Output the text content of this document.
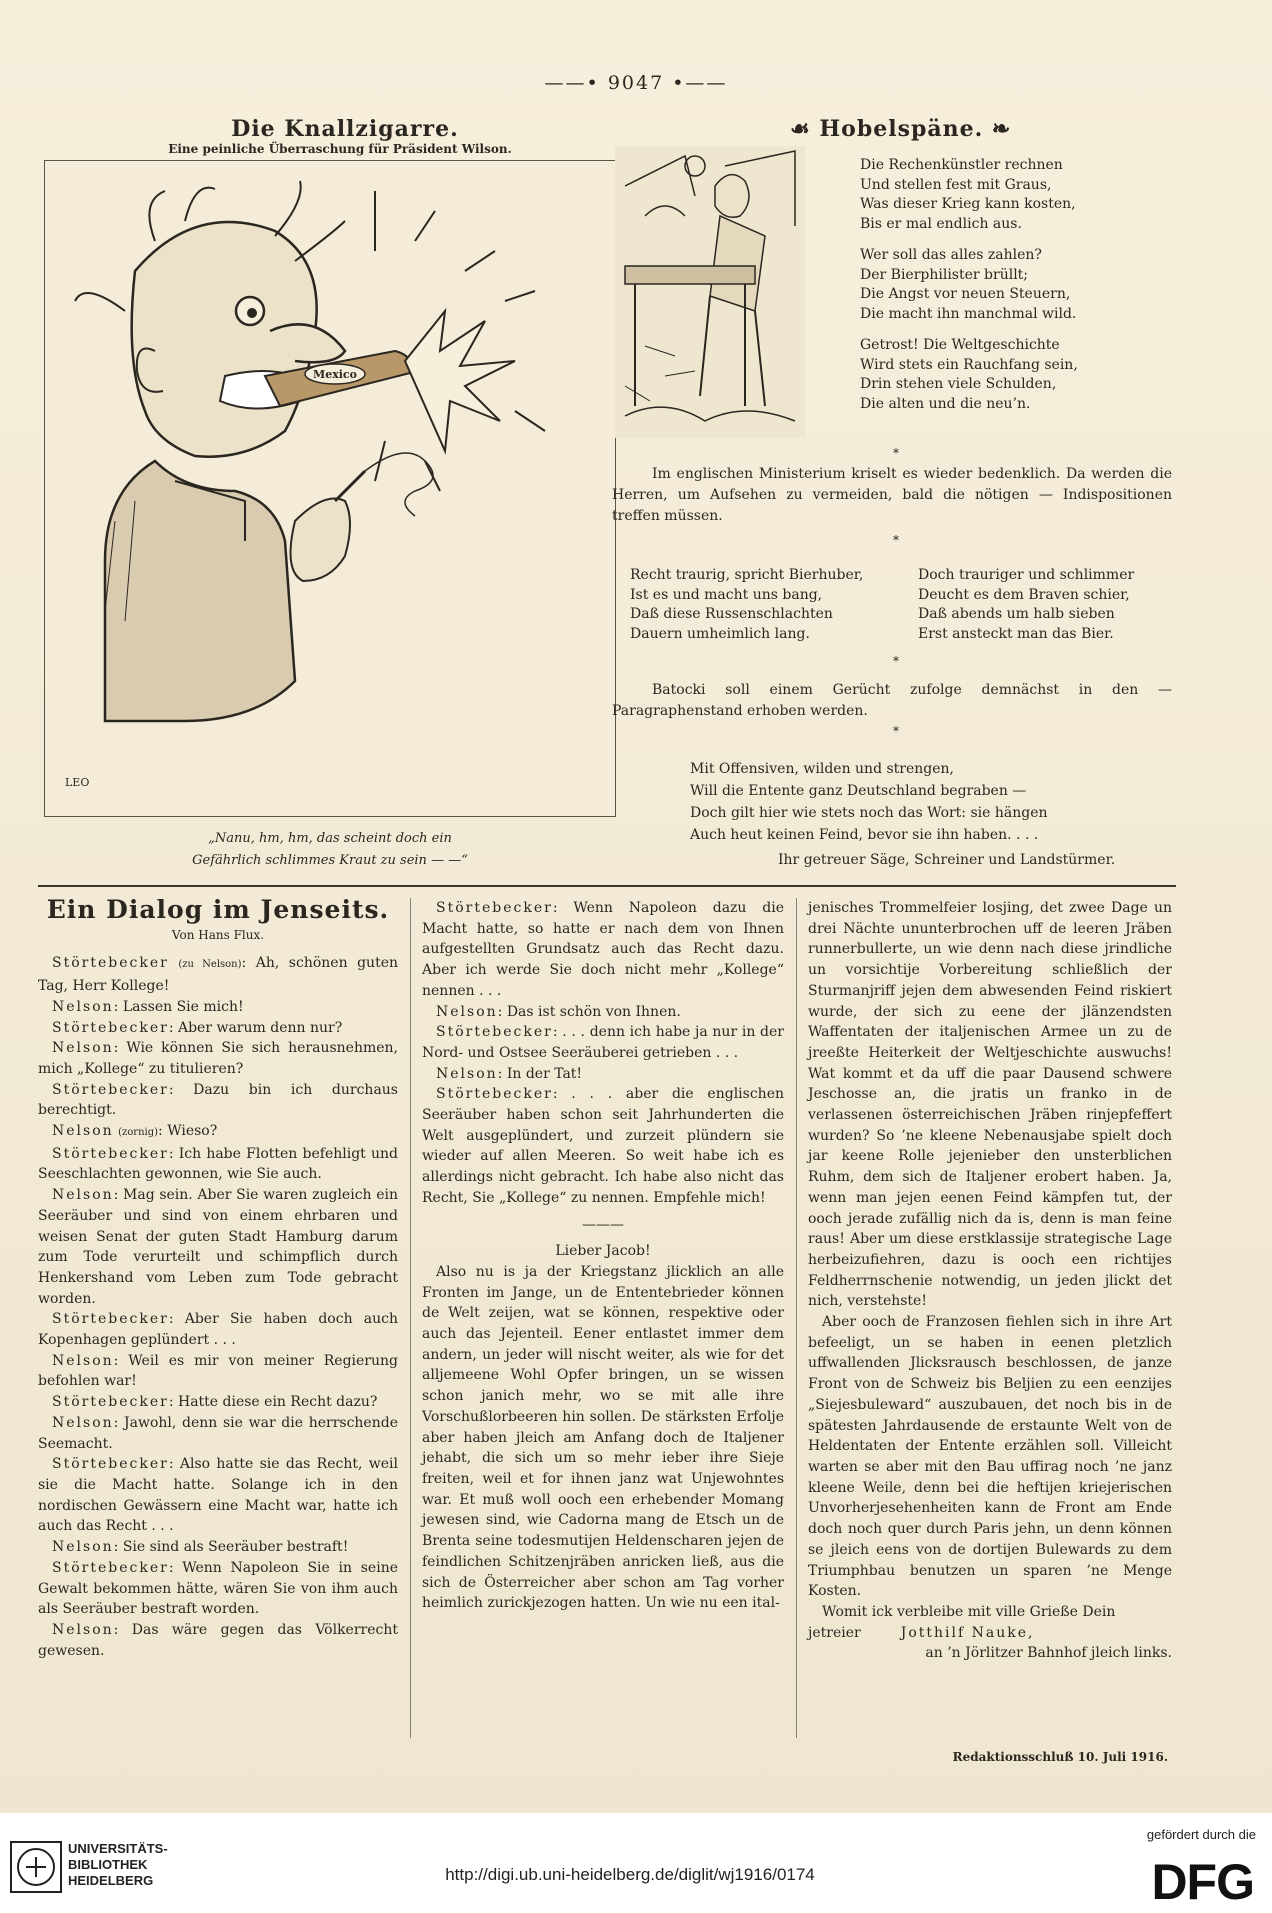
——• 9047 •——
Die Knallzigarre.
Eine peinliche Überraschung für Präsident Wilson.
Mexico
LEO
„Nanu, hm, hm, das scheint doch ein
Gefährlich schlimmes Kraut zu sein — —“
☙ Hobelspäne. ❧

Die Rechenkünstler rechnen

Und stellen fest mit Graus,

Was dieser Krieg kann kosten,

Bis er mal endlich aus.

Wer soll das alles zahlen?

Der Bierphilister brüllt;

Die Angst vor neuen Steuern,

Die macht ihn manchmal wild.

Getrost! Die Weltgeschichte

Wird stets ein Rauchfang sein,

Drin stehen viele Schulden,

Die alten und die neu’n.

*
Im englischen Ministerium kriselt es wieder bedenklich. Da werden die Herren, um Aufsehen zu vermeiden, bald die nötigen — Indispositionen treffen müssen.
*

Recht traurig, spricht Bierhuber,

Ist es und macht uns bang,

Daß diese Russenschlachten

Dauern umheimlich lang.

Doch trauriger und schlimmer

Deucht es dem Braven schier,

Daß abends um halb sieben

Erst ansteckt man das Bier.

*
Batocki soll einem Gerücht zufolge demnächst in den — Paragraphenstand erhoben werden.
*

Mit Offensiven, wilden und strengen,

Will die Entente ganz Deutschland begraben —

Doch gilt hier wie stets noch das Wort: sie hängen

Auch heut keinen Feind, bevor sie ihn haben. . . .

Ihr getreuer Säge, Schreiner und Landstürmer.
Ein Dialog im Jenseits.
Von Hans Flux.

Störtebecker (zu Nelson): Ah, schönen guten Tag, Herr Kollege!

Nelson: Lassen Sie mich!

Störtebecker: Aber warum denn nur?

Nelson: Wie können Sie sich herausnehmen, mich „Kollege“ zu titulieren?

Störtebecker: Dazu bin ich durchaus berechtigt.

Nelson (zornig): Wieso?

Störtebecker: Ich habe Flotten befehligt und Seeschlachten gewonnen, wie Sie auch.

Nelson: Mag sein. Aber Sie waren zugleich ein Seeräuber und sind von einem ehrbaren und weisen Senat der guten Stadt Hamburg darum zum Tode verurteilt und schimpflich durch Henkershand vom Leben zum Tode gebracht worden.

Störtebecker: Aber Sie haben doch auch Kopenhagen geplündert . . .

Nelson: Weil es mir von meiner Regierung befohlen war!

Störtebecker: Hatte diese ein Recht dazu?

Nelson: Jawohl, denn sie war die herrschende Seemacht.

Störtebecker: Also hatte sie das Recht, weil sie die Macht hatte. Solange ich in den nordischen Gewässern eine Macht war, hatte ich auch das Recht . . .

Nelson: Sie sind als Seeräuber bestraft!

Störtebecker: Wenn Napoleon Sie in seine Gewalt bekommen hätte, wären Sie von ihm auch als Seeräuber bestraft worden.

Nelson: Das wäre gegen das Völkerrecht gewesen.

Störtebecker: Wenn Napoleon dazu die Macht hatte, so hatte er nach dem von Ihnen aufgestellten Grundsatz auch das Recht dazu. Aber ich werde Sie doch nicht mehr „Kollege“ nennen . . .

Nelson: Das ist schön von Ihnen.

Störtebecker: . . . denn ich habe ja nur in der Nord- und Ostsee Seeräuberei getrieben . . .

Nelson: In der Tat!

Störtebecker: . . . aber die englischen Seeräuber haben schon seit Jahrhunderten die Welt ausgeplündert, und zurzeit plündern sie wieder auf allen Meeren. So weit habe ich es allerdings nicht gebracht. Ich habe also nicht das Recht, Sie „Kollege“ zu nennen. Empfehle mich!

———

Lieber Jacob!

Also nu is ja der Kriegstanz jlicklich an alle Fronten im Jange, un de Ententebrieder können de Welt zeijen, wat se können, respektive oder auch das Jejenteil. Eener entlastet immer dem andern, un jeder will nischt weiter, als wie for det alljemeene Wohl Opfer bringen, un se wissen schon janich mehr, wo se mit alle ihre Vorschußlorbeeren hin sollen. De stärksten Erfolje aber haben jleich am Anfang doch de Italjener jehabt, die sich um so mehr ieber ihre Sieje freiten, weil et for ihnen janz wat Unjewohntes war. Et muß woll ooch een erhebender Momang jewesen sind, wie Cadorna mang de Etsch un de Brenta seine todesmutijen Heldenscharen jejen de feindlichen Schitzenjräben anricken ließ, aus die sich de Österreicher aber schon am Tag vorher heimlich zurickjezogen hatten. Un wie nu een ital-

jenisches Trommelfeier losjing, det zwee Dage un drei Nächte ununterbrochen uff de leeren Jräben runnerbullerte, un wie denn nach diese jrindliche un vorsichtije Vorbereitung schließlich der Sturmanjriff jejen dem abwesenden Feind riskiert wurde, der sich zu eene der jlänzendsten Waffentaten der italjenischen Armee un zu de jreeßte Heiterkeit der Weltjeschichte auswuchs! Wat kommt et da uff die paar Dausend schwere Jeschosse an, die jratis un franko in de verlassenen österreichischen Jräben rinjepfeffert wurden? So ’ne kleene Nebenausjabe spielt doch jar keene Rolle jejenieber den unsterblichen Ruhm, dem sich de Italjener erobert haben. Ja, wenn man jejen eenen Feind kämpfen tut, der ooch jerade zufällig nich da is, denn is man feine raus! Aber um diese erstklassije strategische Lage herbeizufiehren, dazu is ooch een richtijes Feldherrnschenie notwendig, un jeden jlickt det nich, verstehste!

Aber ooch de Franzosen fiehlen sich in ihre Art befeeligt, un se haben in eenen pletzlich uffwallenden Jlicksrausch beschlossen, de janze Front von de Schweiz bis Beljien zu een eenzijes „Siejesbuleward“ auszubauen, det noch bis in de spätesten Jahrdausende de erstaunte Welt von de Heldentaten der Entente erzählen soll. Villeicht warten se aber mit den Bau uffirag noch ’ne janz kleene Weile, denn bei die heftijen kriejerischen Unvorherjesehenheiten kann de Front am Ende doch noch quer durch Paris jehn, un denn können se jleich eens von de dortijen Bulewards zu dem Triumphbau benutzen un sparen ’ne Menge Kosten.

Womit ick verbleibe mit ville Grieße Dein

jetreier	Jotthilf Nauke,

an ’n Jörlitzer Bahnhof jleich links.

Redaktionsschluß 10. Juli 1916.
UNIVERSITÄTS-
BIBLIOTHEK
HEIDELBERG	http://digi.ub.uni-heidelberg.de/diglit/wj1916/0174
gefördert durch die
DFG
